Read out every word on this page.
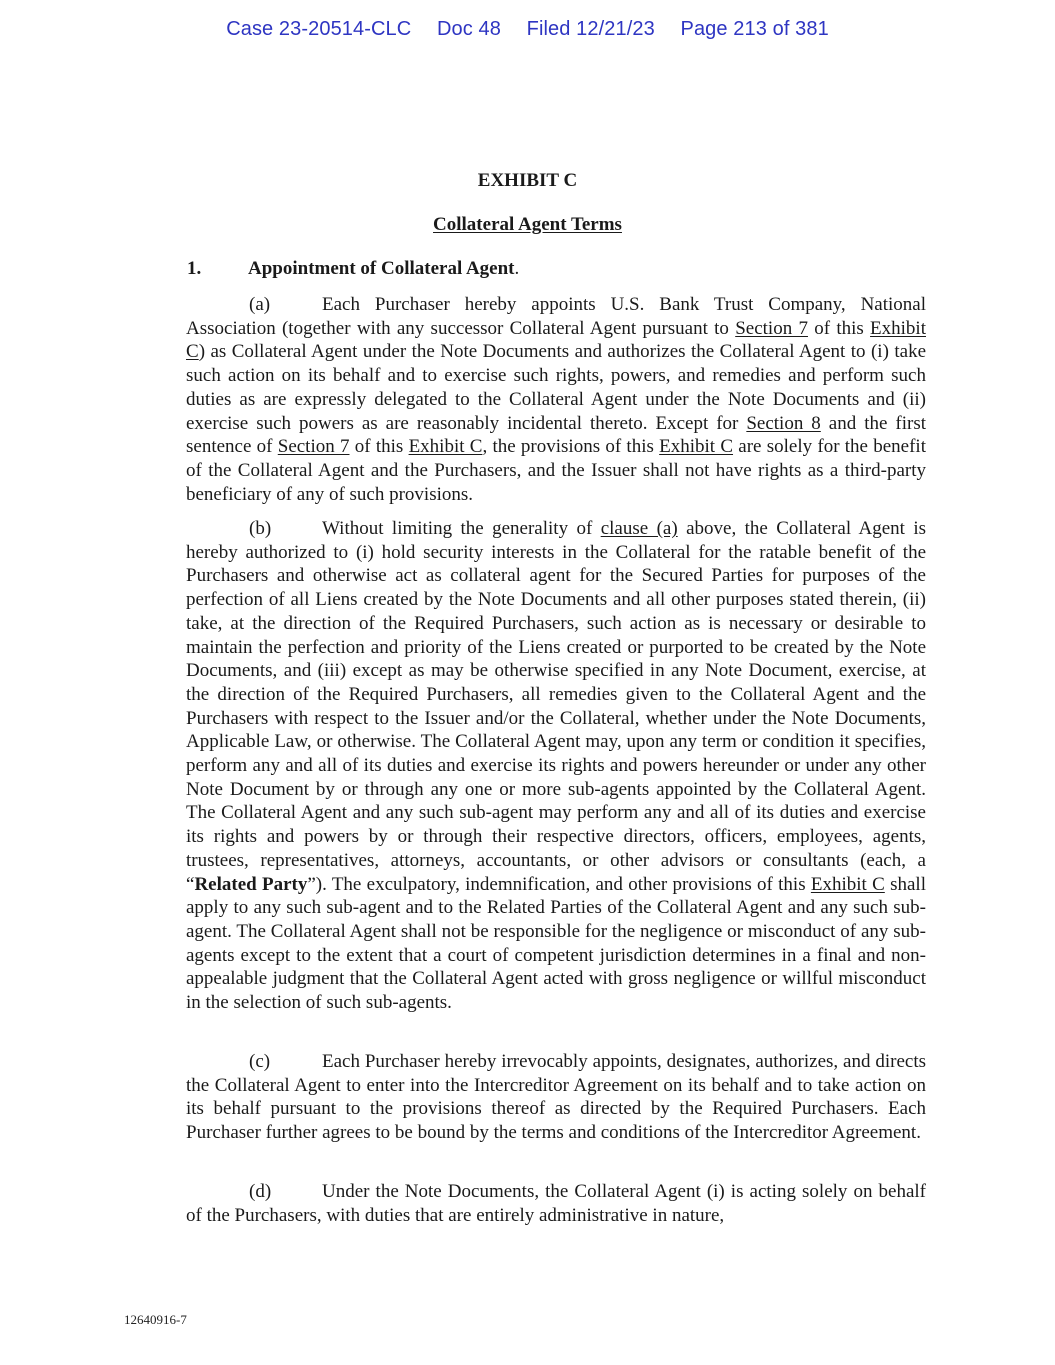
Case 23-20514-CLC Doc 48 Filed 12/21/23 Page 213 of 381
EXHIBIT C
Collateral Agent Terms
1. Appointment of Collateral Agent.

(a)	Each Purchaser hereby appoints U.S. Bank Trust Company, National Association (together with any successor Collateral Agent pursuant to Section 7 of this Exhibit C) as Collateral Agent under the Note Documents and authorizes the Collateral Agent to (i) take such action on its behalf and to exercise such rights, powers, and remedies and perform such duties as are expressly delegated to the Collateral Agent under the Note Documents and (ii) exercise such powers as are reasonably incidental thereto. Except for Section 8 and the first sentence of Section 7 of this Exhibit C, the provisions of this Exhibit C are solely for the benefit of the Collateral Agent and the Purchasers, and the Issuer shall not have rights as a third-party beneficiary of any of such provisions.

(b)	Without limiting the generality of clause (a) above, the Collateral Agent is hereby authorized to (i) hold security interests in the Collateral for the ratable benefit of the Purchasers and otherwise act as collateral agent for the Secured Parties for purposes of the perfection of all Liens created by the Note Documents and all other purposes stated therein, (ii) take, at the direction of the Required Purchasers, such action as is necessary or desirable to maintain the perfection and priority of the Liens created or purported to be created by the Note Documents, and (iii) except as may be otherwise specified in any Note Document, exercise, at the direction of the Required Purchasers, all remedies given to the Collateral Agent and the Purchasers with respect to the Issuer and/or the Collateral, whether under the Note Documents, Applicable Law, or otherwise. The Collateral Agent may, upon any term or condition it specifies, perform any and all of its duties and exercise its rights and powers hereunder or under any other Note Document by or through any one or more sub-agents appointed by the Collateral Agent. The Collateral Agent and any such sub-agent may perform any and all of its duties and exercise its rights and powers by or through their respective directors, officers, employees, agents, trustees, representatives, attorneys, accountants, or other advisors or consultants (each, a “Related Party”). The exculpatory, indemnification, and other provisions of this Exhibit C shall apply to any such sub-agent and to the Related Parties of the Collateral Agent and any such sub-agent. The Collateral Agent shall not be responsible for the negligence or misconduct of any sub-agents except to the extent that a court of competent jurisdiction determines in a final and non-appealable judgment that the Collateral Agent acted with gross negligence or willful misconduct in the selection of such sub-agents.

(c)	Each Purchaser hereby irrevocably appoints, designates, authorizes, and directs the Collateral Agent to enter into the Intercreditor Agreement on its behalf and to take action on its behalf pursuant to the provisions thereof as directed by the Required Purchasers. Each Purchaser further agrees to be bound by the terms and conditions of the Intercreditor Agreement.

(d)	Under the Note Documents, the Collateral Agent (i) is acting solely on behalf of the Purchasers, with duties that are entirely administrative in nature,

12640916-7
